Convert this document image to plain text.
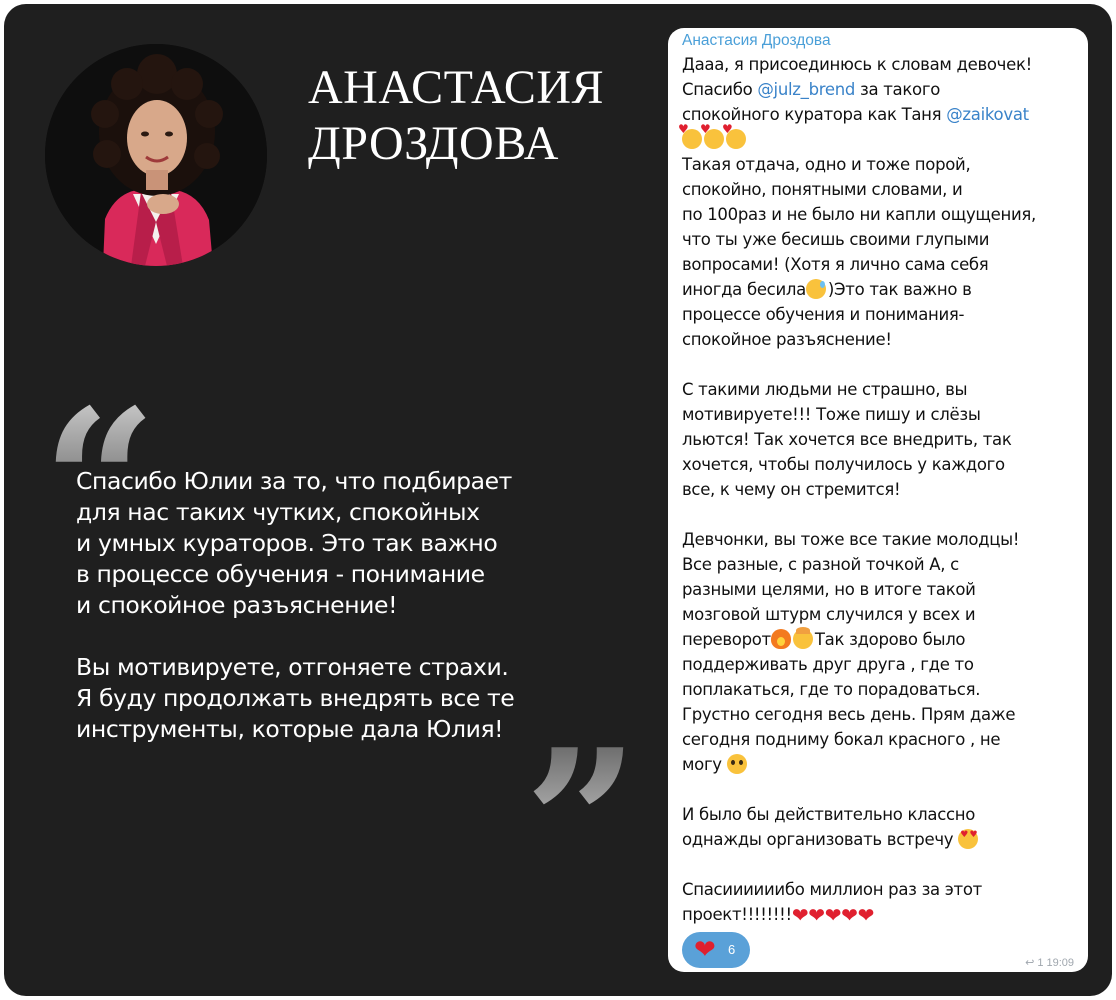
АНАСТАСИЯ
ДРОЗДОВА
“
”

Спасибо Юлии за то, что подбирает
для нас таких чутких, спокойных
и умных кураторов. Это так важно
в процессе обучения - понимание
и спокойное разъяснение!

Вы мотивируете, отгоняете страхи.
Я буду продолжать внедрять все те
инструменты, которые дала Юлия!

Анастасия Дроздова
Дааа, я присоединюсь к словам девочек!
Спасибо @julz_brend за такого
спокойного куратора как Таня @zaikovat
♥♥♥
Такая отдача, одно и тоже порой,
спокойно, понятными словами, и
по 100раз и не было ни капли ощущения,
что ты уже бесишь своими глупыми
вопросами! (Хотя я лично сама себя
иногда бесила )Это так важно в
процессе обучения и понимания-
спокойное разъяснение!
С такими людьми не страшно, вы
мотивируете!!! Тоже пишу и слёзы
льются! Так хочется все внедрить, так
хочется, чтобы получилось у каждого
все, к чему он стремится!
Девчонки, вы тоже все такие молодцы!
Все разные, с разной точкой А, с
разными целями, но в итоге такой
мозговой штурм случился у всех и
переворот	Так здорово было
поддерживать друг друга , где то
поплакаться, где то порадоваться.
Грустно сегодня весь день. Прям даже
сегодня подниму бокал красного , не
могу
И было бы действительно классно
однажды организовать встречу ♥ ♥
Спасиииииибо миллион раз за этот
проект!!!!!!!!❤❤❤❤❤
❤ 6
↩ 1 19:09
